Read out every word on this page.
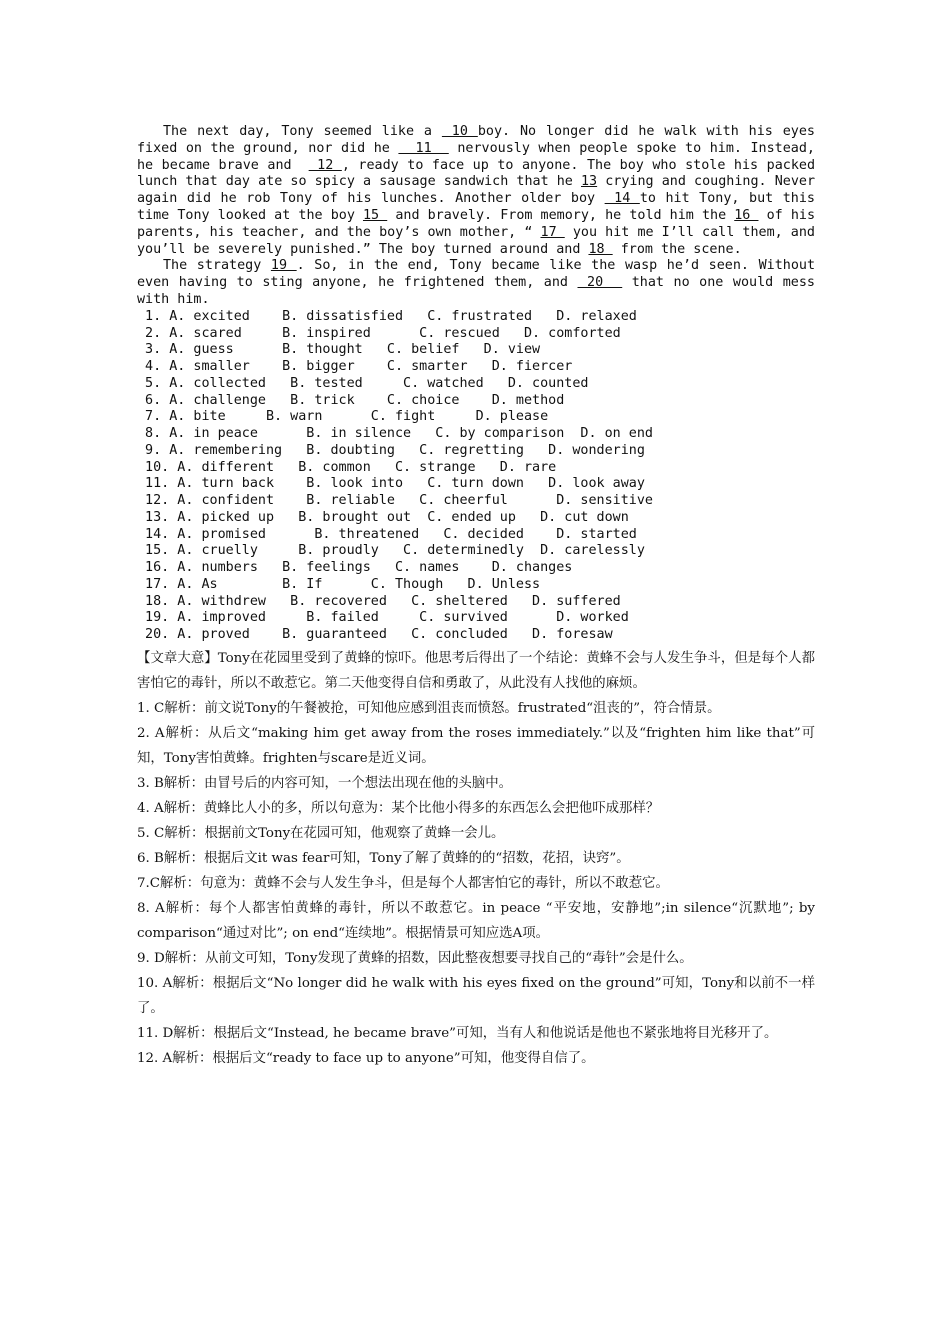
The next day, Tony seemed like a  10 boy. No longer did he walk with his eyes fixed on the ground, nor did he   11   nervously when people spoke to him. Instead, he became brave and   12 , ready to face up to anyone. The boy who stole his packed lunch that day ate so spicy a sausage sandwich that he 13 crying and coughing. Never again did he rob Tony of his lunches. Another older boy  14 to hit Tony, but this time Tony looked at the boy 15  and bravely. From memory, he told him the 16  of his parents, his teacher, and the boy’s own mother, “ 17  you hit me I’ll call them, and you’ll be severely punished.” The boy turned around and 18  from the scene.

The strategy 19 . So, in the end, Tony became like the wasp he’d seen. Without even having to sting anyone, he frightened them, and  20   that no one would mess with him.

1. A. excited    B. dissatisfied   C. frustrated   D. relaxed
2. A. scared     B. inspired      C. rescued   D. comforted
3. A. guess      B. thought   C. belief   D. view
4. A. smaller    B. bigger    C. smarter   D. fiercer
5. A. collected   B. tested     C. watched   D. counted
6. A. challenge   B. trick    C. choice    D. method
7. A. bite     B. warn      C. fight     D. please
8. A. in peace      B. in silence   C. by comparison  D. on end
9. A. remembering   B. doubting   C. regretting   D. wondering
10. A. different   B. common   C. strange   D. rare
11. A. turn back    B. look into   C. turn down   D. look away
12. A. confident    B. reliable   C. cheerful      D. sensitive
13. A. picked up   B. brought out  C. ended up   D. cut down
14. A. promised      B. threatened   C. decided    D. started
15. A. cruelly     B. proudly   C. determinedly  D. carelessly
16. A. numbers   B. feelings   C. names    D. changes
17. A. As        B. If      C. Though   D. Unless
18. A. withdrew   B. recovered   C. sheltered   D. suffered
19. A. improved     B. failed     C. survived      D. worked
20. A. proved    B. guaranteed   C. concluded   D. foresaw

【文章大意】Tony在花园里受到了黄蜂的惊吓。他思考后得出了一个结论：黄蜂不会与人发生争斗，但是每个人都害怕它的毒针，所以不敢惹它。第二天他变得自信和勇敢了，从此没有人找他的麻烦。

1. C解析：前文说Tony的午餐被抢，可知他应感到沮丧而愤怒。frustrated“沮丧的”，符合情景。

2. A解析：从后文“making him get away from the roses immediately.”以及“frighten him like that”可知，Tony害怕黄蜂。frighten与scare是近义词。

3. B解析：由冒号后的内容可知，一个想法出现在他的头脑中。

4. A解析：黄蜂比人小的多，所以句意为：某个比他小得多的东西怎么会把他吓成那样？

5. C解析：根据前文Tony在花园可知，他观察了黄蜂一会儿。

6. B解析：根据后文it was fear可知，Tony了解了黄蜂的的“招数，花招，诀窍”。

7.C解析：句意为：黄蜂不会与人发生争斗，但是每个人都害怕它的毒针，所以不敢惹它。

8. A解析：每个人都害怕黄蜂的毒针，所以不敢惹它。in peace “平安地，安静地”;in silence“沉默地”; by comparison“通过对比”; on end“连续地”。根据情景可知应选A项。

9. D解析：从前文可知，Tony发现了黄蜂的招数，因此整夜想要寻找自己的“毒针”会是什么。

10. A解析：根据后文“No longer did he walk with his eyes fixed on the ground”可知，Tony和以前不一样了。

11. D解析：根据后文“Instead, he became brave”可知，当有人和他说话是他也不紧张地将目光移开了。

12. A解析：根据后文“ready to face up to anyone”可知，他变得自信了。
